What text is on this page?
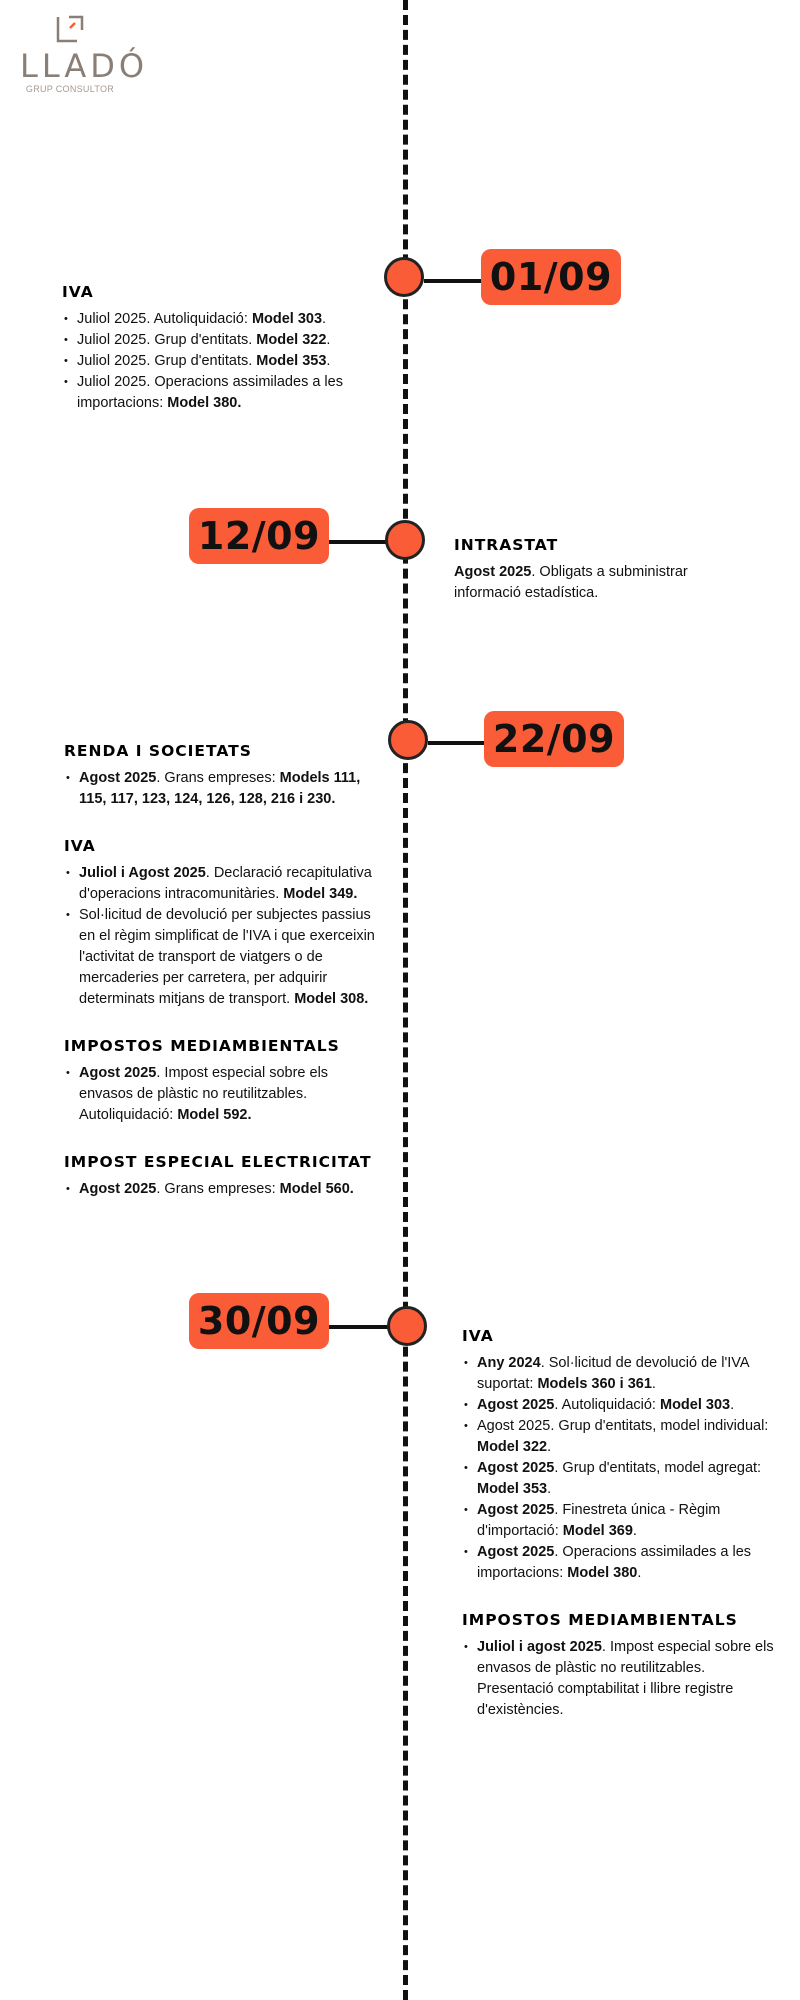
LLADÓ
GRUP CONSULTOR
01/09
IVA
• Juliol 2025. Autoliquidació: Model 303.
• Juliol 2025. Grup d'entitats. Model 322.
• Juliol 2025. Grup d'entitats. Model 353.
• Juliol 2025. Operacions assimilades a les importacions: Model 380.
12/09	INTRASTAT

Agost 2025. Obligats a subministrar informació estadística.

22/09
RENDA I SOCIETATS
• Agost 2025. Grans empreses: Models 111, 115, 117, 123, 124, 126, 128, 216 i 230.
IVA
• Juliol i Agost 2025. Declaració recapitulativa d'operacions intracomunitàries. Model 349.
• Sol·licitud de devolució per subjectes passius en el règim simplificat de l'IVA i que exerceixin l'activitat de transport de viatgers o de mercaderies per carretera, per adquirir determinats mitjans de transport. Model 308.
IMPOSTOS MEDIAMBIENTALS
• Agost 2025. Impost especial sobre els envasos de plàstic no reutilitzables. Autoliquidació: Model 592.
IMPOST ESPECIAL ELECTRICITAT
• Agost 2025. Grans empreses: Model 560.
30/09	IVA
• Any 2024. Sol·licitud de devolució de l'IVA suportat: Models 360 i 361.
• Agost 2025. Autoliquidació: Model 303.
• Agost 2025. Grup d'entitats, model individual: Model 322.
• Agost 2025. Grup d'entitats, model agregat: Model 353.
• Agost 2025. Finestreta única - Règim d'importació: Model 369.
• Agost 2025. Operacions assimilades a les importacions: Model 380.
IMPOSTOS MEDIAMBIENTALS
• Juliol i agost 2025. Impost especial sobre els envasos de plàstic no reutilitzables. Presentació comptabilitat i llibre registre d'existències.
